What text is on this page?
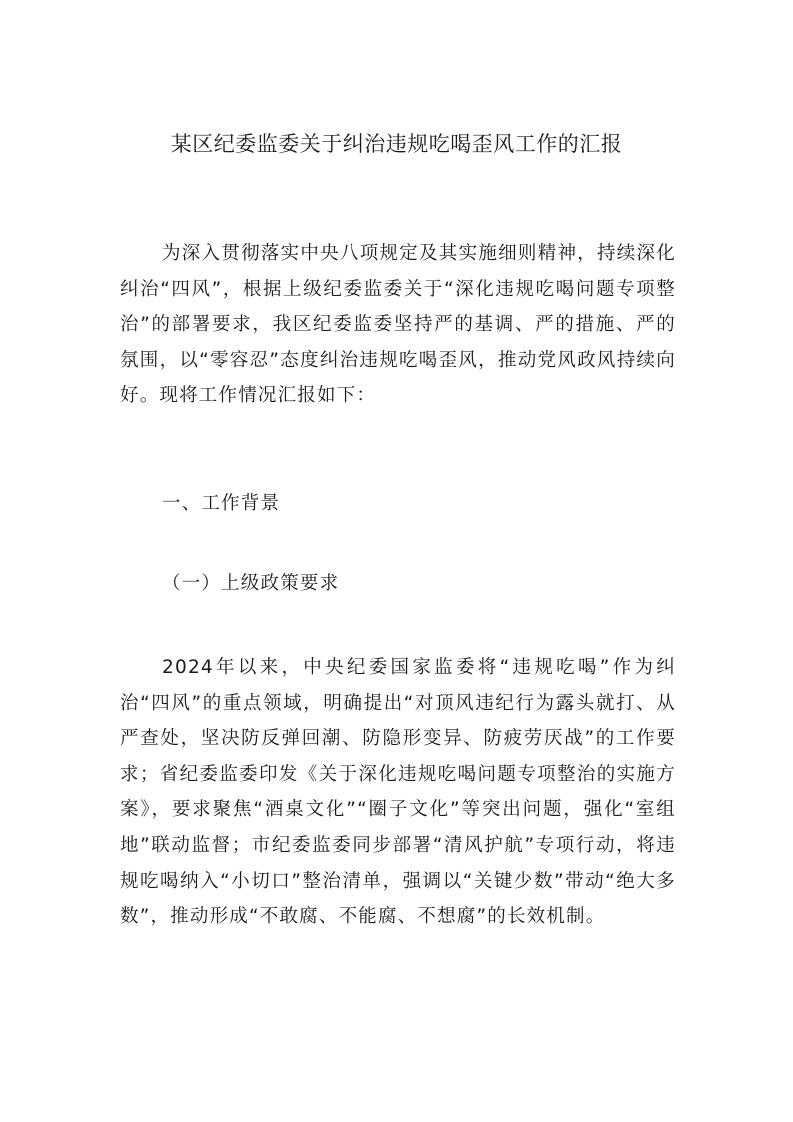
某区纪委监委关于纠治违规吃喝歪风工作的汇报

为深入贯彻落实中央八项规定及其实施细则精神，持续深化纠治“四风”，根据上级纪委监委关于“深化违规吃喝问题专项整治”的部署要求，我区纪委监委坚持严的基调、严的措施、严的氛围，以“零容忍”态度纠治违规吃喝歪风，推动党风政风持续向好。现将工作情况汇报如下：

一、工作背景

（一）上级政策要求

2024年以来，中央纪委国家监委将“违规吃喝”作为纠治“四风”的重点领域，明确提出“对顶风违纪行为露头就打、从严查处，坚决防反弹回潮、防隐形变异、防疲劳厌战”的工作要求；省纪委监委印发《关于深化违规吃喝问题专项整治的实施方案》，要求聚焦“酒桌文化”“圈子文化”等突出问题，强化“室组地”联动监督；市纪委监委同步部署“清风护航”专项行动，将违规吃喝纳入“小切口”整治清单，强调以“关键少数”带动“绝大多数”，推动形成“不敢腐、不能腐、不想腐”的长效机制。
